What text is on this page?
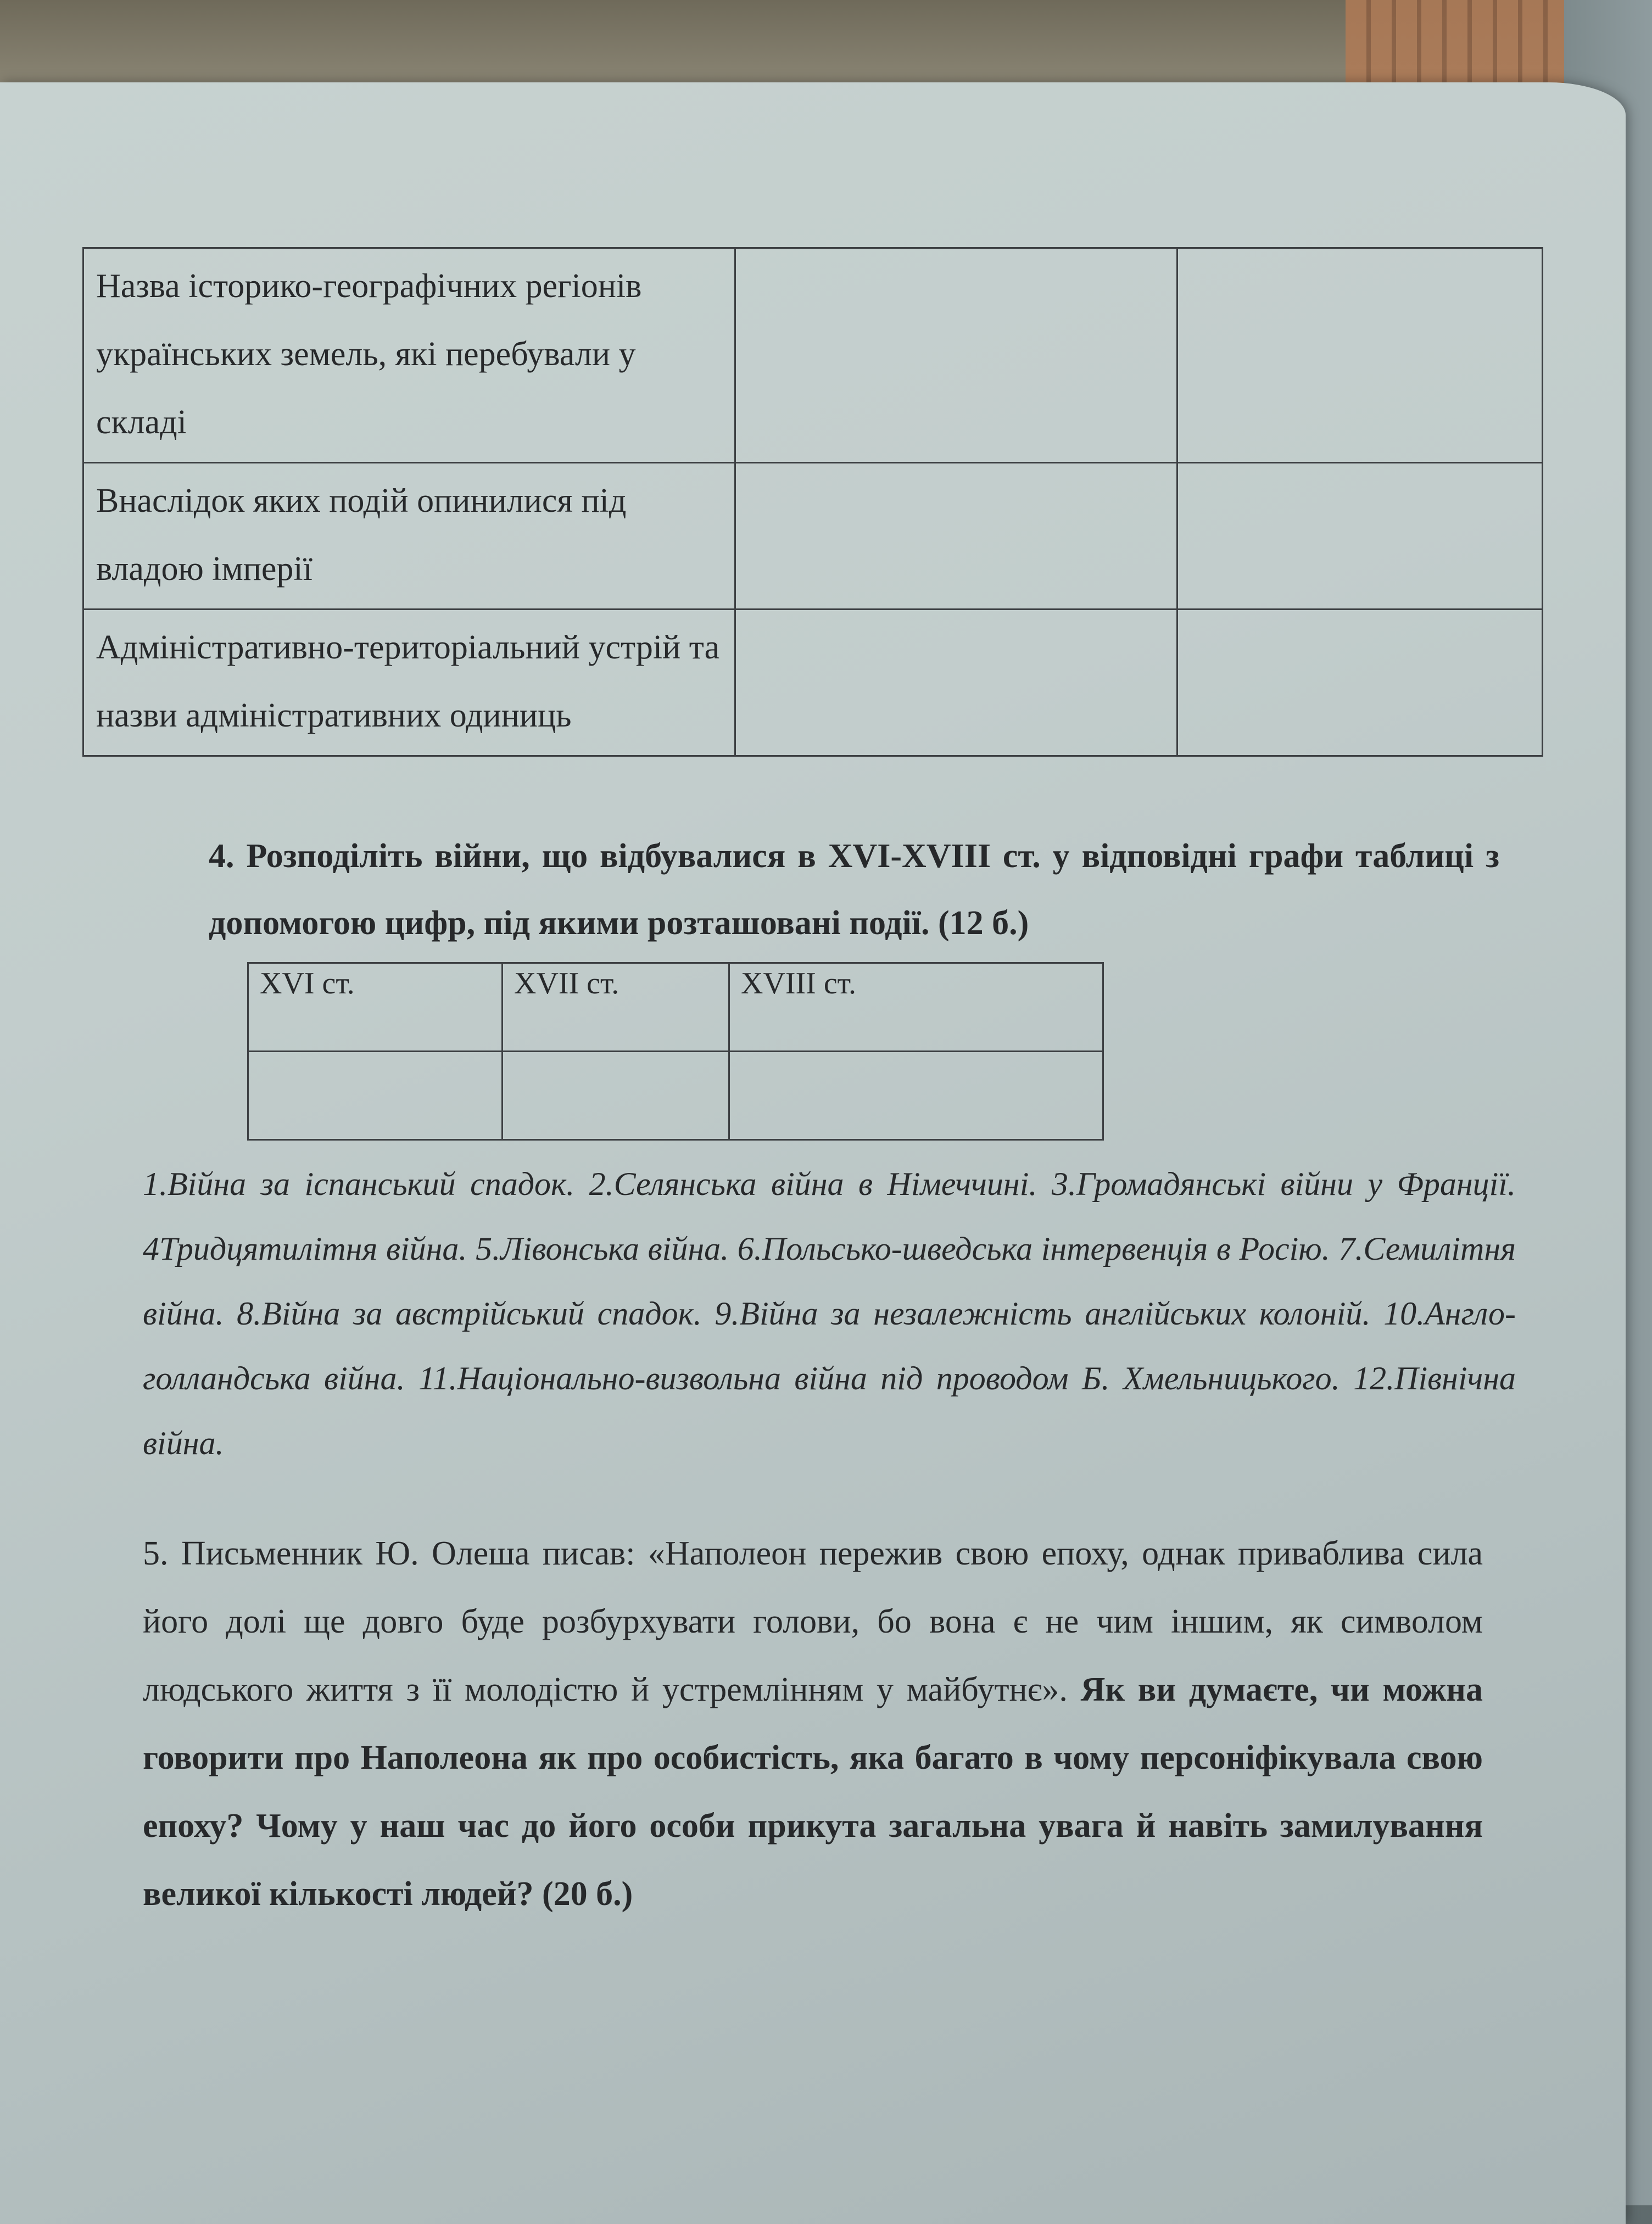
Назва історико-географічних регіонів українських земель, які перебували у складі		
Внаслідок яких подій опинилися під владою імперії		
Адміністративно-територіальний устрій та назви адміністративних одиниць		
4. Розподіліть війни, що відбувалися в XVI-XVIII ст. у відповідні графи таблиці з допомогою цифр, під якими розташовані події. (12 б.)
XVI ст.	XVII ст.	XVIII ст.

1.Війна за іспанський спадок. 2.Селянська війна в Німеччині. 3.Громадянські війни у Франції. 4Тридцятилітня війна. 5.Лівонська війна. 6.Польсько-шведська інтервенція в Росію. 7.Семилітня війна. 8.Війна за австрійський спадок. 9.Війна за незалежність англійських колоній. 10.Англо-голландська війна. 11.Національно-визвольна війна під проводом Б. Хмельницького. 12.Північна війна.
5. Письменник Ю. Олеша писав: «Наполеон пережив свою епоху, однак приваблива сила його долі ще довго буде розбурхувати голови, бо вона є не чим іншим, як символом людського життя з її молодістю й устремлінням у майбутнє». Як ви думаєте, чи можна говорити про Наполеона як про особистість, яка багато в чому персоніфікувала свою епоху? Чому у наш час до його особи прикута загальна увага й навіть замилування великої кількості людей? (20 б.)
